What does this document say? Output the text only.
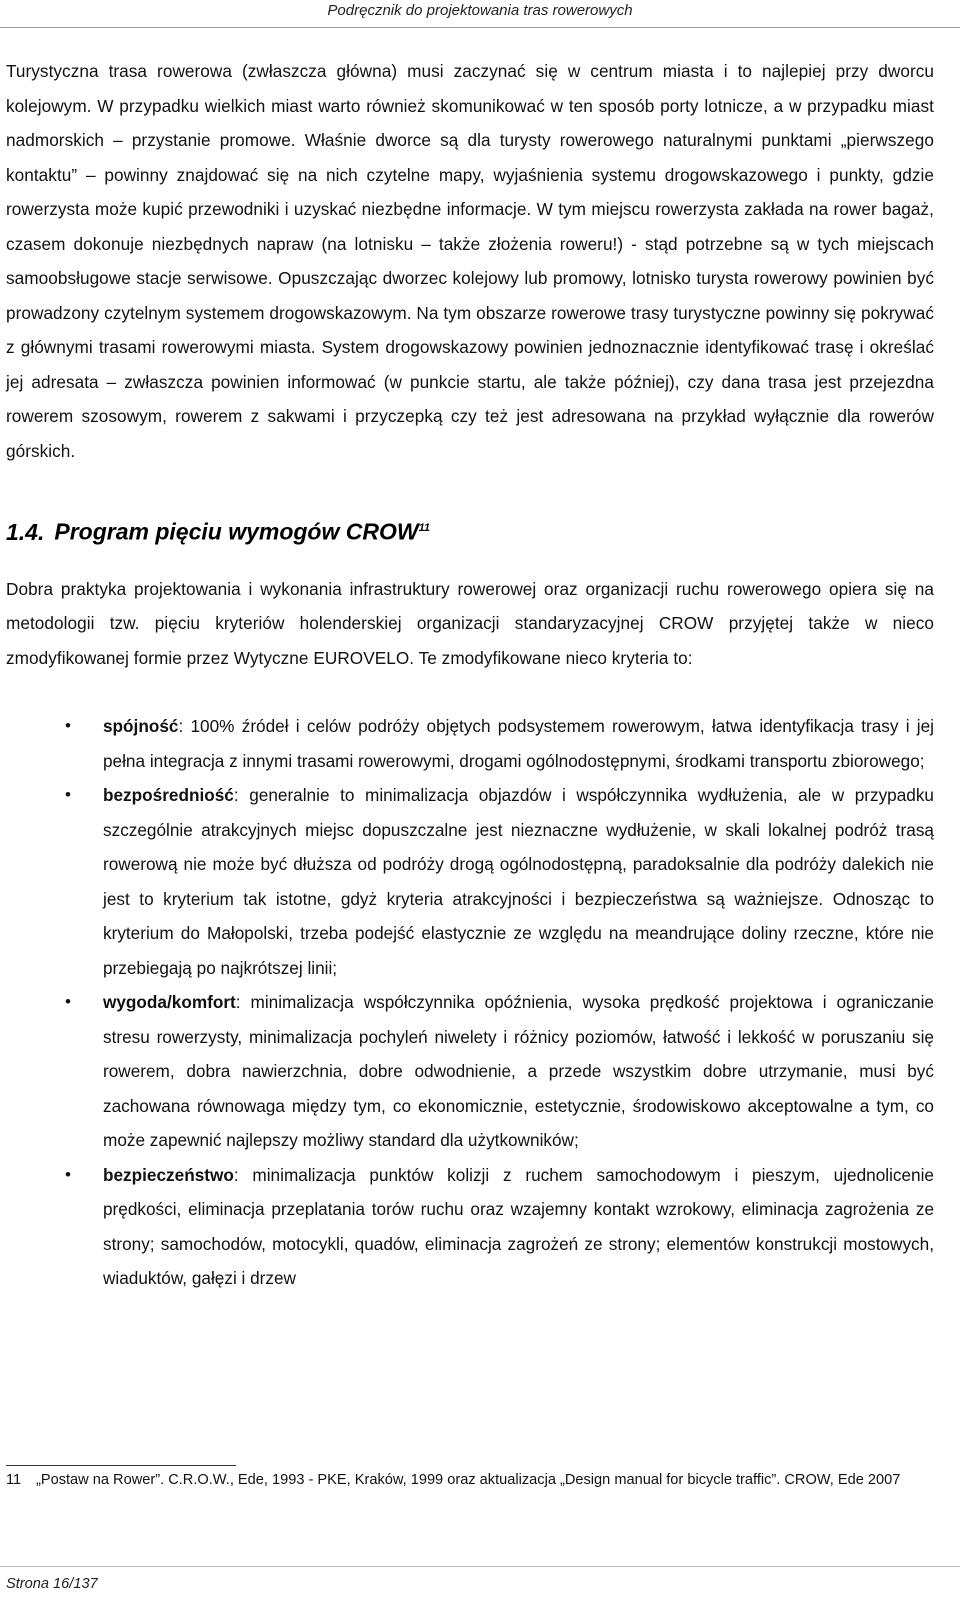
Podręcznik do projektowania tras rowerowych

Turystyczna trasa rowerowa (zwłaszcza główna) musi zaczynać się w centrum miasta i to najlepiej przy dworcu kolejowym. W przypadku wielkich miast warto również skomunikować w ten sposób porty lotnicze, a w przypadku miast nadmorskich – przystanie promowe. Właśnie dworce są dla turysty rowerowego naturalnymi punktami „pierwszego kontaktu” – powinny znajdować się na nich czytelne mapy, wyjaśnienia systemu drogowskazowego i punkty, gdzie rowerzysta może kupić przewodniki i uzyskać niezbędne informacje. W tym miejscu rowerzysta zakłada na rower bagaż, czasem dokonuje niezbędnych napraw (na lotnisku – także złożenia roweru!) - stąd potrzebne są w tych miejscach samoobsługowe stacje serwisowe. Opuszczając dworzec kolejowy lub promowy, lotnisko turysta rowerowy powinien być prowadzony czytelnym systemem drogowskazowym. Na tym obszarze rowerowe trasy turystyczne powinny się pokrywać z głównymi trasami rowerowymi miasta. System drogowskazowy powinien jednoznacznie identyfikować trasę i określać jej adresata – zwłaszcza powinien informować (w punkcie startu, ale także później), czy dana trasa jest przejezdna rowerem szosowym, rowerem z sakwami i przyczepką czy też jest adresowana na przykład wyłącznie dla rowerów górskich.

1.4. Program pięciu wymogów CROW$^{11}$

Dobra praktyka projektowania i wykonania infrastruktury rowerowej oraz organizacji ruchu rowerowego opiera się na metodologii tzw. pięciu kryteriów holenderskiej organizacji standaryzacyjnej CROW przyjętej także w nieco zmodyfikowanej formie przez Wytyczne EUROVELO. Te zmodyfikowane nieco kryteria to:

• spójność: 100% źródeł i celów podróży objętych podsystemem rowerowym, łatwa identyfikacja trasy i jej pełna integracja z innymi trasami rowerowymi, drogami ogólnodostępnymi, środkami transportu zbiorowego;
• bezpośredniość: generalnie to minimalizacja objazdów i współczynnika wydłużenia, ale w przypadku szczególnie atrakcyjnych miejsc dopuszczalne jest nieznaczne wydłużenie, w skali lokalnej podróż trasą rowerową nie może być dłuższa od podróży drogą ogólnodostępną, paradoksalnie dla podróży dalekich nie jest to kryterium tak istotne, gdyż kryteria atrakcyjności i bezpieczeństwa są ważniejsze. Odnosząc to kryterium do Małopolski, trzeba podejść elastycznie ze względu na meandrujące doliny rzeczne, które nie przebiegają po najkrótszej linii;
• wygoda/komfort: minimalizacja współczynnika opóźnienia, wysoka prędkość projektowa i ograniczanie stresu rowerzysty, minimalizacja pochyleń niwelety i różnicy poziomów, łatwość i lekkość w poruszaniu się rowerem, dobra nawierzchnia, dobre odwodnienie, a przede wszystkim dobre utrzymanie, musi być zachowana równowaga między tym, co ekonomicznie, estetycznie, środowiskowo akceptowalne a tym, co może zapewnić najlepszy możliwy standard dla użytkowników;
• bezpieczeństwo: minimalizacja punktów kolizji z ruchem samochodowym i pieszym, ujednolicenie prędkości, eliminacja przeplatania torów ruchu oraz wzajemny kontakt wzrokowy, eliminacja zagrożenia ze strony; samochodów, motocykli, quadów, eliminacja zagrożeń ze strony; elementów konstrukcji mostowych, wiaduktów, gałęzi i drzew
11	„Postaw na Rower”. C.R.O.W., Ede, 1993 - PKE, Kraków, 1999 oraz aktualizacja „Design manual for bicycle traffic”. CROW, Ede 2007
Strona 16/137
